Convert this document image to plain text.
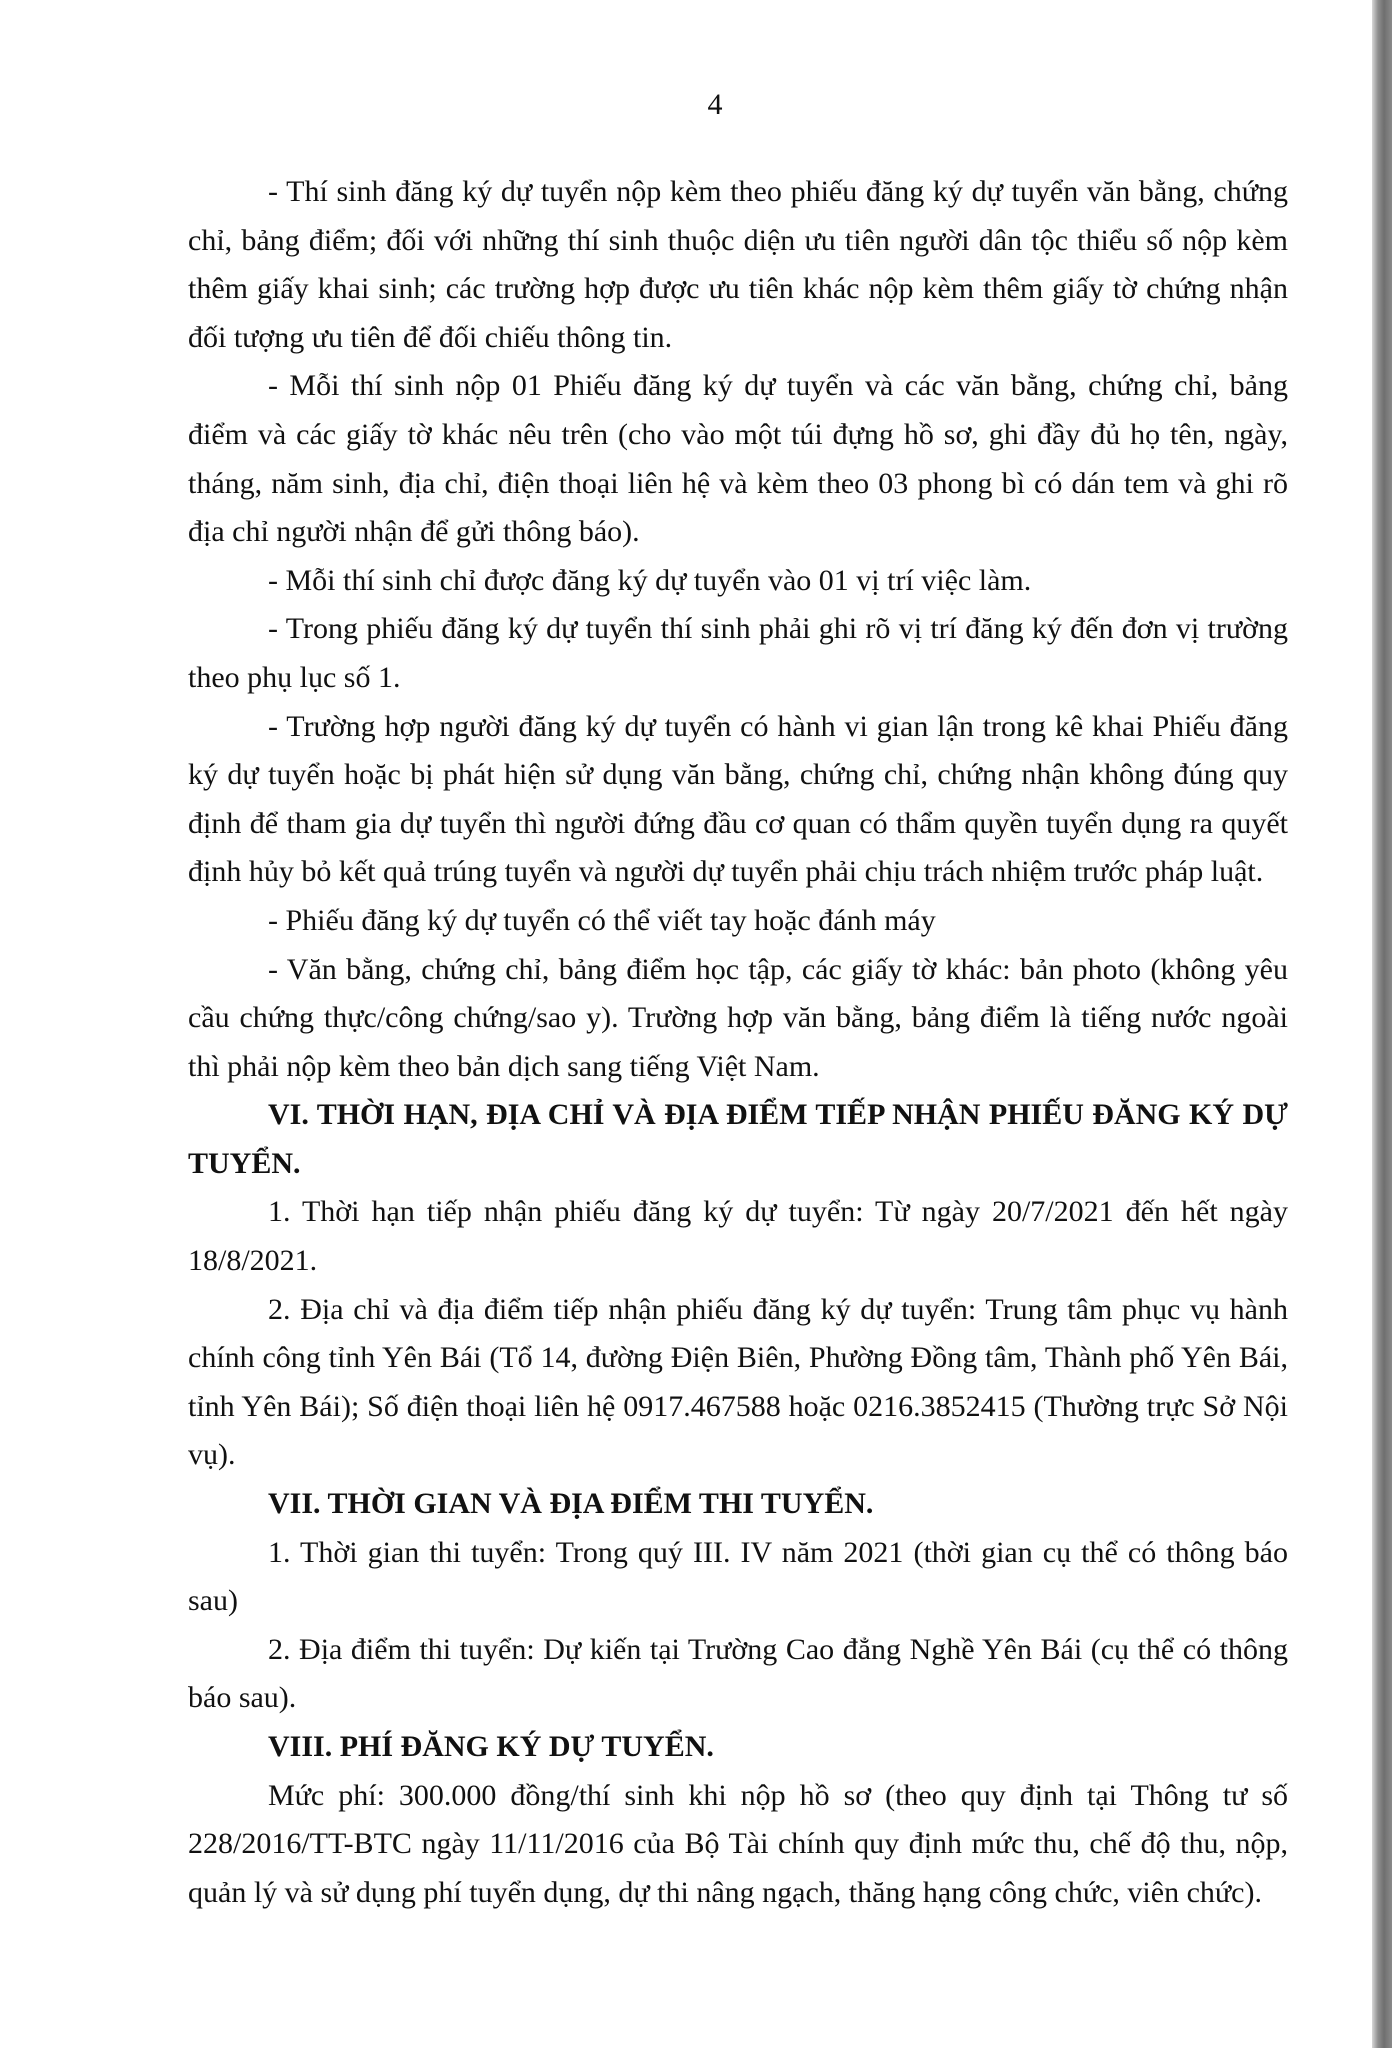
4

- Thí sinh đăng ký dự tuyển nộp kèm theo phiếu đăng ký dự tuyển văn bằng, chứng chỉ, bảng điểm; đối với những thí sinh thuộc diện ưu tiên người dân tộc thiểu số nộp kèm thêm giấy khai sinh; các trường hợp được ưu tiên khác nộp kèm thêm giấy tờ chứng nhận đối tượng ưu tiên để đối chiếu thông tin.

- Mỗi thí sinh nộp 01 Phiếu đăng ký dự tuyển và các văn bằng, chứng chỉ, bảng điểm và các giấy tờ khác nêu trên (cho vào một túi đựng hồ sơ, ghi đầy đủ họ tên, ngày, tháng, năm sinh, địa chỉ, điện thoại liên hệ và kèm theo 03 phong bì có dán tem và ghi rõ địa chỉ người nhận để gửi thông báo).

- Mỗi thí sinh chỉ được đăng ký dự tuyển vào 01 vị trí việc làm.

- Trong phiếu đăng ký dự tuyển thí sinh phải ghi rõ vị trí đăng ký đến đơn vị trường theo phụ lục số 1.

- Trường hợp người đăng ký dự tuyển có hành vi gian lận trong kê khai Phiếu đăng ký dự tuyển hoặc bị phát hiện sử dụng văn bằng, chứng chỉ, chứng nhận không đúng quy định để tham gia dự tuyển thì người đứng đầu cơ quan có thẩm quyền tuyển dụng ra quyết định hủy bỏ kết quả trúng tuyển và người dự tuyển phải chịu trách nhiệm trước pháp luật.

- Phiếu đăng ký dự tuyển có thể viết tay hoặc đánh máy

- Văn bằng, chứng chỉ, bảng điểm học tập, các giấy tờ khác: bản photo (không yêu cầu chứng thực/công chứng/sao y). Trường hợp văn bằng, bảng điểm là tiếng nước ngoài thì phải nộp kèm theo bản dịch sang tiếng Việt Nam.

VI. THỜI HẠN, ĐỊA CHỈ VÀ ĐỊA ĐIỂM TIẾP NHẬN PHIẾU ĐĂNG KÝ DỰ TUYỂN.

1. Thời hạn tiếp nhận phiếu đăng ký dự tuyển: Từ ngày 20/7/2021 đến hết ngày 18/8/2021.

2. Địa chỉ và địa điểm tiếp nhận phiếu đăng ký dự tuyển: Trung tâm phục vụ hành chính công tỉnh Yên Bái (Tổ 14, đường Điện Biên, Phường Đồng tâm, Thành phố Yên Bái, tỉnh Yên Bái); Số điện thoại liên hệ 0917.467588 hoặc 0216.3852415 (Thường trực Sở Nội vụ).

VII. THỜI GIAN VÀ ĐỊA ĐIỂM THI TUYỂN.

1. Thời gian thi tuyển: Trong quý III. IV năm 2021 (thời gian cụ thể có thông báo sau)

2. Địa điểm thi tuyển: Dự kiến tại Trường Cao đẳng Nghề Yên Bái (cụ thể có thông báo sau).

VIII. PHÍ ĐĂNG KÝ DỰ TUYỂN.

Mức phí: 300.000 đồng/thí sinh khi nộp hồ sơ (theo quy định tại Thông tư số 228/2016/TT-BTC ngày 11/11/2016 của Bộ Tài chính quy định mức thu, chế độ thu, nộp, quản lý và sử dụng phí tuyển dụng, dự thi nâng ngạch, thăng hạng công chức, viên chức).
